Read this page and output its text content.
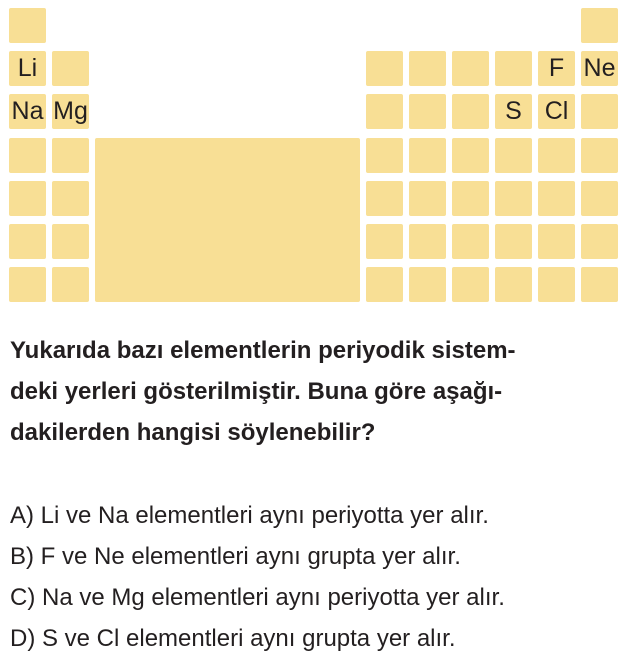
Li	F Ne
Na Mg	S Cl
Yukarıda bazı elementlerin periyodik sistem-
deki yerleri gösterilmiştir. Buna göre aşağı-
dakilerden hangisi söylenebilir?
A) Li ve Na elementleri aynı periyotta yer alır.
B) F ve Ne elementleri aynı grupta yer alır.
C) Na ve Mg elementleri aynı periyotta yer alır.
D) S ve Cl elementleri aynı grupta yer alır.
